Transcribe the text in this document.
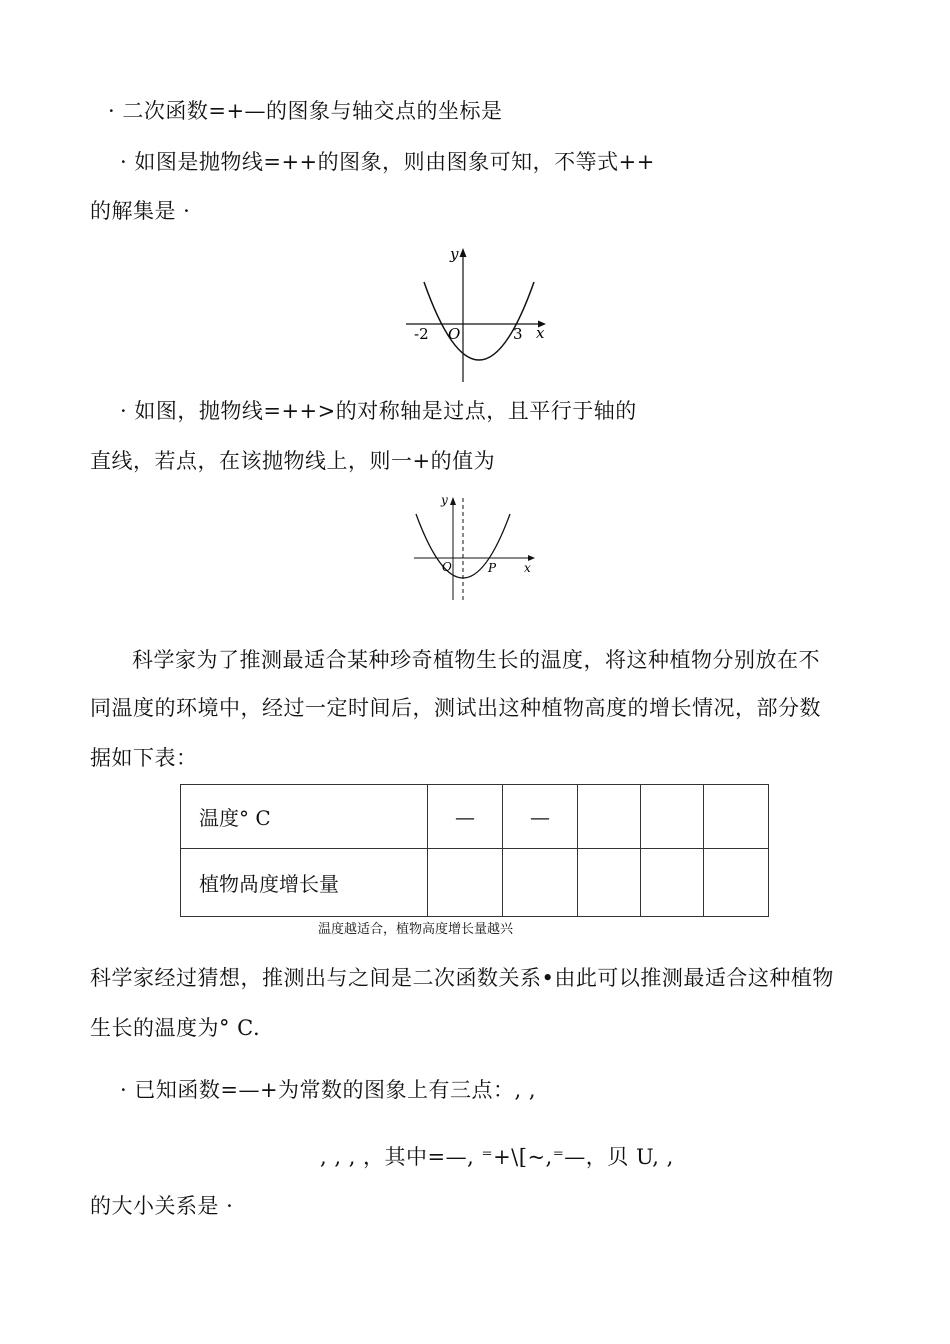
· 二次函数=+—的图象与轴交点的坐标是
· 如图是抛物线=++的图象，则由图象可知，不等式++
的解集是 ·
y
x
O
-2	3
· 如图，抛物线=++>的对称轴是过点，且平行于轴的
直线，若点，在该抛物线上，则一+的值为
y
x
O	P
科学家为了推测最适合某种珍奇植物生长的温度，将这种植物分别放在不
同温度的环境中，经过一定时间后，测试出这种植物高度的增长情况，部分数
据如下表：
温度° C	—	—			
植物咼度增长量					
温度越适合，植物高度增长量越兴
科学家经过猜想，推测出与之间是二次函数关系•由此可以推测最适合这种植物
生长的温度为° C.
· 已知函数=—+为常数的图象上有三点：, ,
, , , ，其中=—, ⁼+\[~,⁼—，贝 U, ,
的大小关系是 ·
